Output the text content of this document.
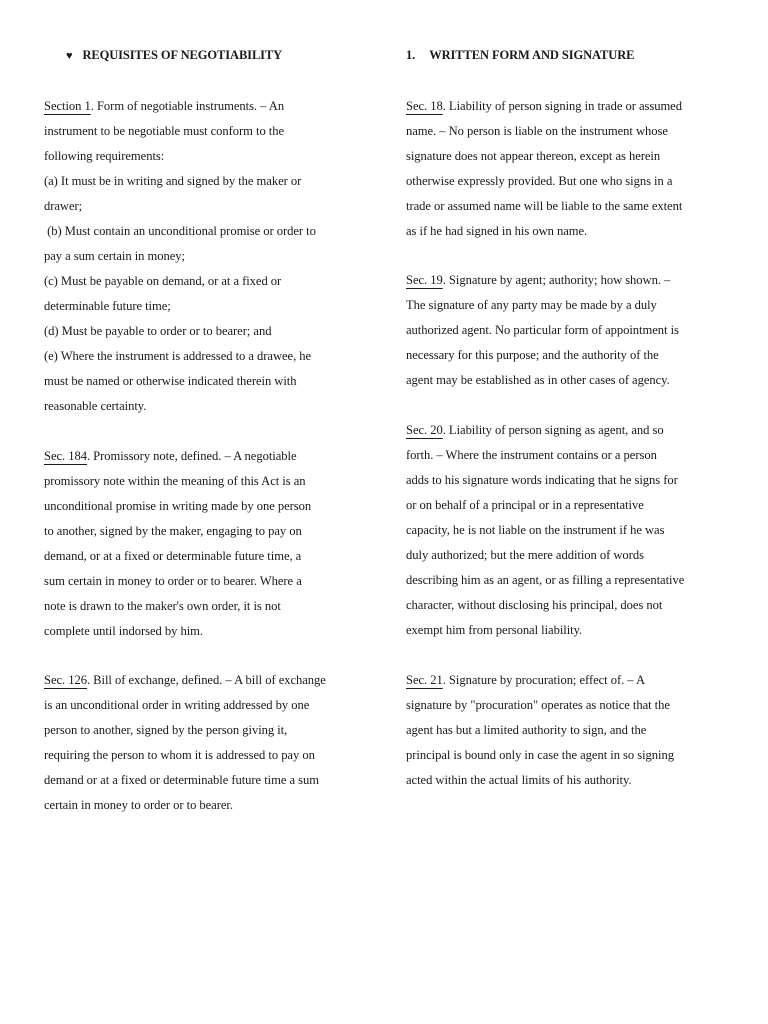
♥ REQUISITES OF NEGOTIABILITY
Section 1. Form of negotiable instruments. – An
instrument to be negotiable must conform to the
following requirements:
(a) It must be in writing and signed by the maker or
drawer;
(b) Must contain an unconditional promise or order to
pay a sum certain in money;
(c) Must be payable on demand, or at a fixed or
determinable future time;
(d) Must be payable to order or to bearer; and
(e) Where the instrument is addressed to a drawee, he
must be named or otherwise indicated therein with
reasonable certainty.
Sec. 184. Promissory note, defined. – A negotiable
promissory note within the meaning of this Act is an
unconditional promise in writing made by one person
to another, signed by the maker, engaging to pay on
demand, or at a fixed or determinable future time, a
sum certain in money to order or to bearer. Where a
note is drawn to the maker's own order, it is not
complete until indorsed by him.
Sec. 126. Bill of exchange, defined. – A bill of exchange
is an unconditional order in writing addressed by one
person to another, signed by the person giving it,
requiring the person to whom it is addressed to pay on
demand or at a fixed or determinable future time a sum
certain in money to order or to bearer.
1. WRITTEN FORM AND SIGNATURE
Sec. 18. Liability of person signing in trade or assumed
name. – No person is liable on the instrument whose
signature does not appear thereon, except as herein
otherwise expressly provided. But one who signs in a
trade or assumed name will be liable to the same extent
as if he had signed in his own name.
Sec. 19. Signature by agent; authority; how shown. –
The signature of any party may be made by a duly
authorized agent. No particular form of appointment is
necessary for this purpose; and the authority of the
agent may be established as in other cases of agency.
Sec. 20. Liability of person signing as agent, and so
forth. – Where the instrument contains or a person
adds to his signature words indicating that he signs for
or on behalf of a principal or in a representative
capacity, he is not liable on the instrument if he was
duly authorized; but the mere addition of words
describing him as an agent, or as filling a representative
character, without disclosing his principal, does not
exempt him from personal liability.
Sec. 21. Signature by procuration; effect of. – A
signature by "procuration" operates as notice that the
agent has but a limited authority to sign, and the
principal is bound only in case the agent in so signing
acted within the actual limits of his authority.
